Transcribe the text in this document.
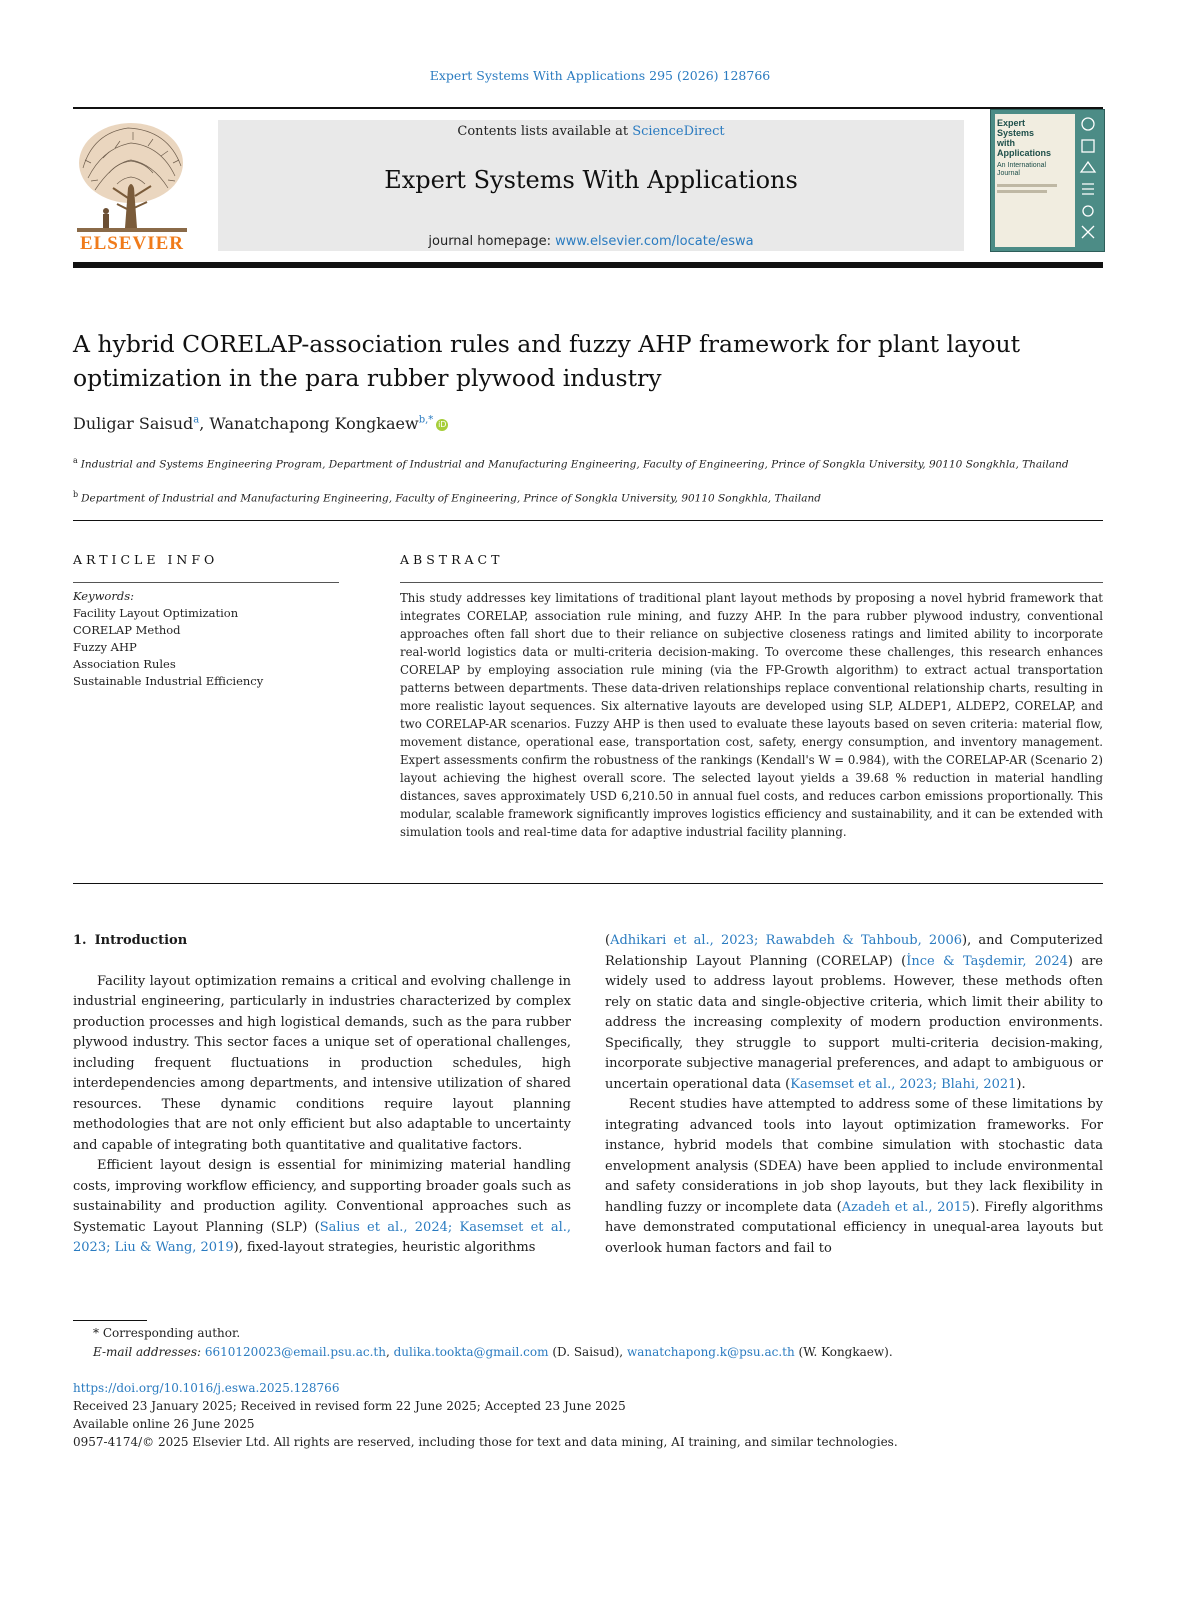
Expert Systems With Applications 295 (2026) 128766
ELSEVIER
Contents lists available at ScienceDirect
Expert Systems With Applications
journal homepage: www.elsevier.com/locate/eswa
Expert
Systems
with
Applications
An International
Journal
A hybrid CORELAP-association rules and fuzzy AHP framework for plant layout optimization in the para rubber plywood industry
Duligar Saisud$^a$, Wanatchapong Kongkaew$^{b,*}$ iD
$^a$ Industrial and Systems Engineering Program, Department of Industrial and Manufacturing Engineering, Faculty of Engineering, Prince of Songkla University, 90110 Songkhla, Thailand
$^b$ Department of Industrial and Manufacturing Engineering, Faculty of Engineering, Prince of Songkla University, 90110 Songkhla, Thailand
ARTICLE INFO
Keywords:
Facility Layout Optimization
CORELAP Method
Fuzzy AHP
Association Rules
Sustainable Industrial Efficiency
ABSTRACT
This study addresses key limitations of traditional plant layout methods by proposing a novel hybrid framework that integrates CORELAP, association rule mining, and fuzzy AHP. In the para rubber plywood industry, conventional approaches often fall short due to their reliance on subjective closeness ratings and limited ability to incorporate real-world logistics data or multi-criteria decision-making. To overcome these challenges, this research enhances CORELAP by employing association rule mining (via the FP-Growth algorithm) to extract actual transportation patterns between departments. These data-driven relationships replace conventional relationship charts, resulting in more realistic layout sequences. Six alternative layouts are developed using SLP, ALDEP1, ALDEP2, CORELAP, and two CORELAP-AR scenarios. Fuzzy AHP is then used to evaluate these layouts based on seven criteria: material flow, movement distance, operational ease, transportation cost, safety, energy consumption, and inventory management. Expert assessments confirm the robustness of the rankings (Kendall's W = 0.984), with the CORELAP-AR (Scenario 2) layout achieving the highest overall score. The selected layout yields a 39.68 % reduction in material handling distances, saves approximately USD 6,210.50 in annual fuel costs, and reduces carbon emissions proportionally. This modular, scalable framework significantly improves logistics efficiency and sustainability, and it can be extended with simulation tools and real-time data for adaptive industrial facility planning.

1. Introduction

Facility layout optimization remains a critical and evolving challenge in industrial engineering, particularly in industries characterized by complex production processes and high logistical demands, such as the para rubber plywood industry. This sector faces a unique set of operational challenges, including frequent fluctuations in production schedules, high interdependencies among departments, and intensive utilization of shared resources. These dynamic conditions require layout planning methodologies that are not only efficient but also adaptable to uncertainty and capable of integrating both quantitative and qualitative factors.

Efficient layout design is essential for minimizing material handling costs, improving workflow efficiency, and supporting broader goals such as sustainability and production agility. Conventional approaches such as Systematic Layout Planning (SLP) (Salius et al., 2024; Kasemset et al., 2023; Liu & Wang, 2019), fixed-layout strategies, heuristic algorithms

(Adhikari et al., 2023; Rawabdeh & Tahboub, 2006), and Computerized Relationship Layout Planning (CORELAP) (İnce & Taşdemir, 2024) are widely used to address layout problems. However, these methods often rely on static data and single-objective criteria, which limit their ability to address the increasing complexity of modern production environments. Specifically, they struggle to support multi-criteria decision-making, incorporate subjective managerial preferences, and adapt to ambiguous or uncertain operational data (Kasemset et al., 2023; Blahi, 2021).

Recent studies have attempted to address some of these limitations by integrating advanced tools into layout optimization frameworks. For instance, hybrid models that combine simulation with stochastic data envelopment analysis (SDEA) have been applied to include environmental and safety considerations in job shop layouts, but they lack flexibility in handling fuzzy or incomplete data (Azadeh et al., 2015). Firefly algorithms have demonstrated computational efficiency in unequal-area layouts but overlook human factors and fail to

* Corresponding author.
E-mail addresses: 6610120023@email.psu.ac.th, dulika.tookta@gmail.com (D. Saisud), wanatchapong.k@psu.ac.th (W. Kongkaew).
https://doi.org/10.1016/j.eswa.2025.128766
Received 23 January 2025; Received in revised form 22 June 2025; Accepted 23 June 2025
Available online 26 June 2025
0957-4174/© 2025 Elsevier Ltd. All rights are reserved, including those for text and data mining, AI training, and similar technologies.
